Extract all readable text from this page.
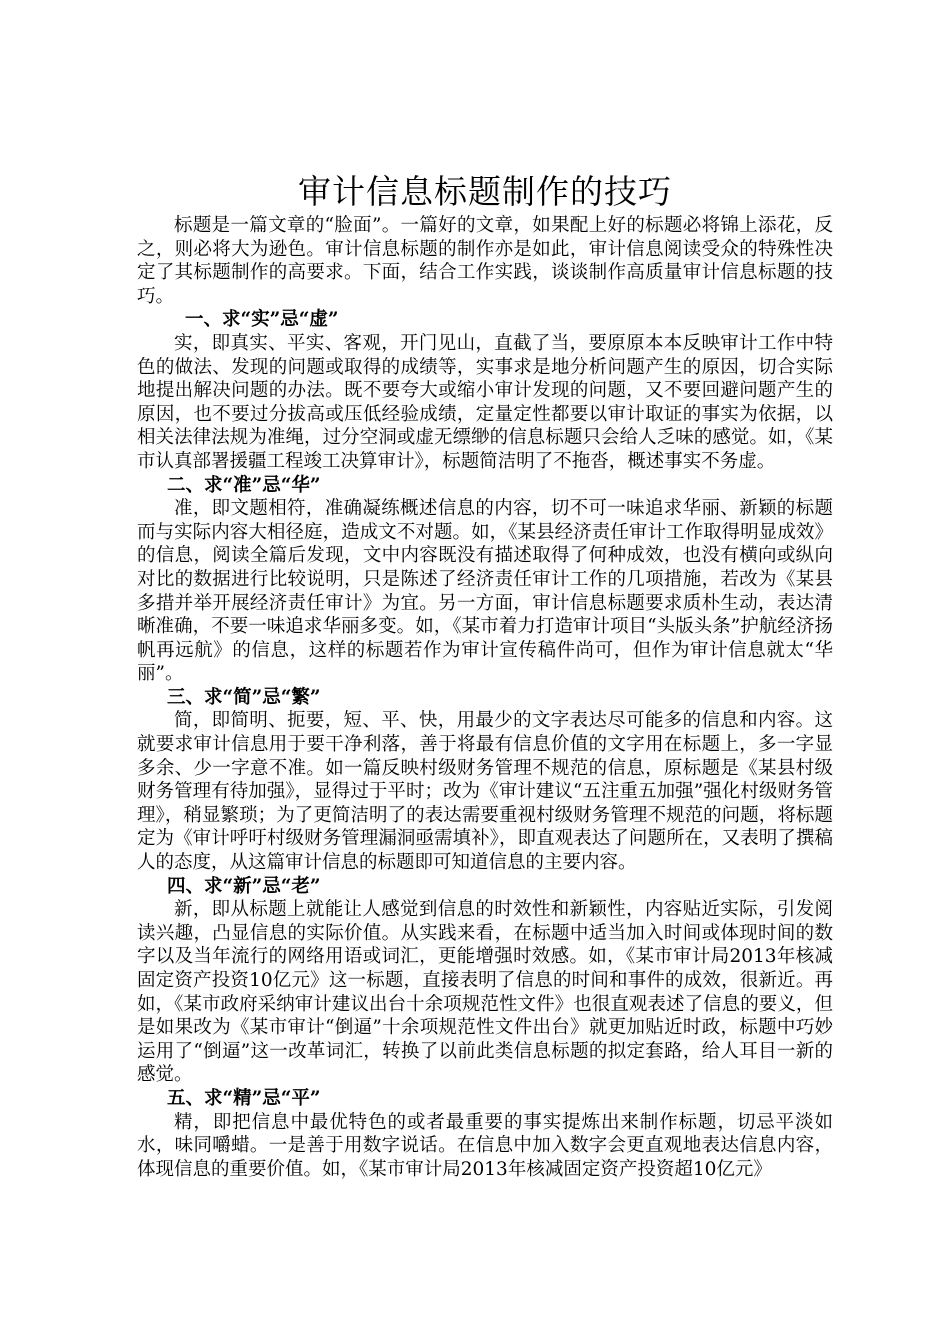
审计信息标题制作的技巧

标题是一篇文章的“脸面”。一篇好的文章，如果配上好的标题必将锦上添花，反之，则必将大为逊色。审计信息标题的制作亦是如此，审计信息阅读受众的特殊性决定了其标题制作的高要求。下面，结合工作实践，谈谈制作高质量审计信息标题的技巧。

一、求“实”忌“虚”

实，即真实、平实、客观，开门见山，直截了当，要原原本本反映审计工作中特色的做法、发现的问题或取得的成绩等，实事求是地分析问题产生的原因，切合实际地提出解决问题的办法。既不要夸大或缩小审计发现的问题，又不要回避问题产生的原因，也不要过分拔高或压低经验成绩，定量定性都要以审计取证的事实为依据，以相关法律法规为准绳，过分空洞或虚无缥缈的信息标题只会给人乏味的感觉。如，《某市认真部署援疆工程竣工决算审计》，标题简洁明了不拖沓，概述事实不务虚。

二、求“准”忌“华”

准，即文题相符，准确凝练概述信息的内容，切不可一味追求华丽、新颖的标题而与实际内容大相径庭，造成文不对题。如，《某县经济责任审计工作取得明显成效》的信息，阅读全篇后发现，文中内容既没有描述取得了何种成效，也没有横向或纵向对比的数据进行比较说明，只是陈述了经济责任审计工作的几项措施，若改为《某县多措并举开展经济责任审计》为宜。另一方面，审计信息标题要求质朴生动，表达清晰准确，不要一味追求华丽多变。如，《某市着力打造审计项目“头版头条”护航经济扬帆再远航》的信息，这样的标题若作为审计宣传稿件尚可，但作为审计信息就太“华丽”。

三、求“简”忌“繁”

简，即简明、扼要，短、平、快，用最少的文字表达尽可能多的信息和内容。这就要求审计信息用于要干净利落，善于将最有信息价值的文字用在标题上，多一字显多余、少一字意不准。如一篇反映村级财务管理不规范的信息，原标题是《某县村级财务管理有待加强》，显得过于平时；改为《审计建议“五注重五加强”强化村级财务管理》，稍显繁琐；为了更简洁明了的表达需要重视村级财务管理不规范的问题，将标题定为《审计呼吁村级财务管理漏洞亟需填补》，即直观表达了问题所在，又表明了撰稿人的态度，从这篇审计信息的标题即可知道信息的主要内容。

四、求“新”忌“老”

新，即从标题上就能让人感觉到信息的时效性和新颖性，内容贴近实际，引发阅读兴趣，凸显信息的实际价值。从实践来看，在标题中适当加入时间或体现时间的数字以及当年流行的网络用语或词汇，更能增强时效感。如，《某市审计局2013年核减固定资产投资10亿元》这一标题，直接表明了信息的时间和事件的成效，很新近。再如，《某市政府采纳审计建议出台十余项规范性文件》也很直观表述了信息的要义，但是如果改为《某市审计“倒逼”十余项规范性文件出台》就更加贴近时政，标题中巧妙运用了“倒逼”这一改革词汇，转换了以前此类信息标题的拟定套路，给人耳目一新的感觉。

五、求“精”忌“平”

精，即把信息中最优特色的或者最重要的事实提炼出来制作标题，切忌平淡如水，味同嚼蜡。一是善于用数字说话。在信息中加入数字会更直观地表达信息内容，体现信息的重要价值。如，《某市审计局2013年核减固定资产投资超10亿元》
